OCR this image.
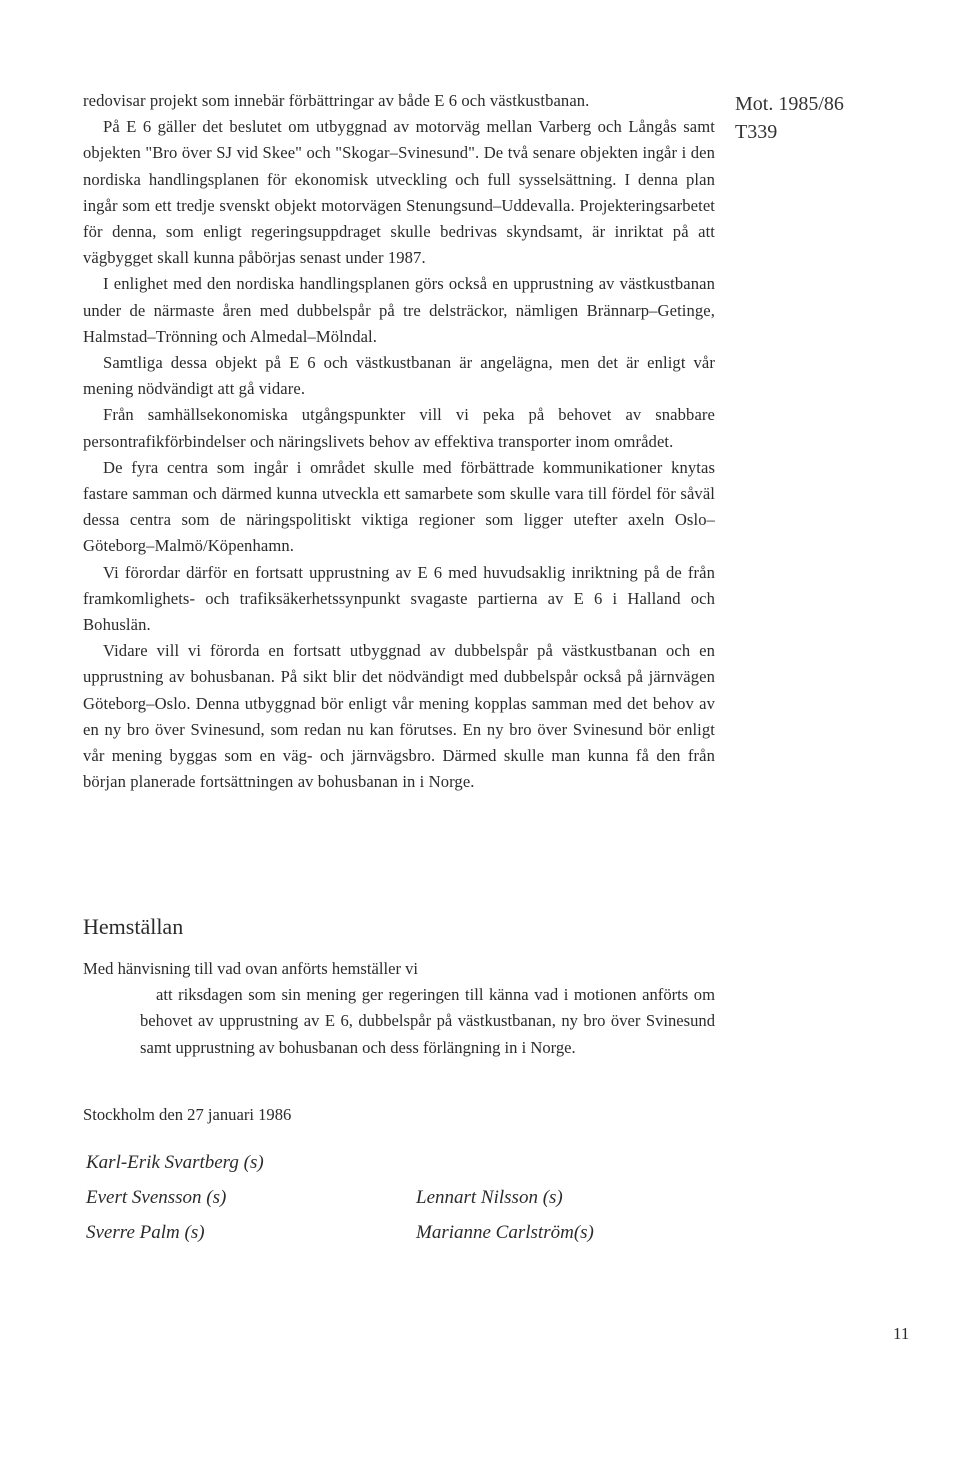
Mot. 1985/86
T339

redovisar projekt som innebär förbättringar av både E 6 och västkustbanan.

På E 6 gäller det beslutet om utbyggnad av motorväg mellan Varberg och Långås samt objekten "Bro över SJ vid Skee" och "Skogar–Svinesund". De två senare objekten ingår i den nordiska handlingsplanen för ekonomisk utveckling och full sysselsättning. I denna plan ingår som ett tredje svenskt objekt motorvägen Stenungsund–Uddevalla. Projekteringsarbetet för denna, som enligt regeringsuppdraget skulle bedrivas skyndsamt, är inriktat på att vägbygget skall kunna påbörjas senast under 1987.

I enlighet med den nordiska handlingsplanen görs också en upprustning av västkustbanan under de närmaste åren med dubbelspår på tre delsträckor, nämligen Brännarp–Getinge, Halmstad–Trönning och Almedal–Mölndal.

Samtliga dessa objekt på E 6 och västkustbanan är angelägna, men det är enligt vår mening nödvändigt att gå vidare.

Från samhällsekonomiska utgångspunkter vill vi peka på behovet av snabbare persontrafikförbindelser och näringslivets behov av effektiva transporter inom området.

De fyra centra som ingår i området skulle med förbättrade kommunikationer knytas fastare samman och därmed kunna utveckla ett samarbete som skulle vara till fördel för såväl dessa centra som de näringspolitiskt viktiga regioner som ligger utefter axeln Oslo–Göteborg–Malmö/Köpenhamn.

Vi förordar därför en fortsatt upprustning av E 6 med huvudsaklig inriktning på de från framkomlighets- och trafiksäkerhetssynpunkt svagaste partierna av E 6 i Halland och Bohuslän.

Vidare vill vi förorda en fortsatt utbyggnad av dubbelspår på västkustbanan och en upprustning av bohusbanan. På sikt blir det nödvändigt med dubbelspår också på järnvägen Göteborg–Oslo. Denna utbyggnad bör enligt vår mening kopplas samman med det behov av en ny bro över Svinesund, som redan nu kan förutses. En ny bro över Svinesund bör enligt vår mening byggas som en väg- och järnvägsbro. Därmed skulle man kunna få den från början planerade fortsättningen av bohusbanan in i Norge.

Hemställan

Med hänvisning till vad ovan anförts hemställer vi

att riksdagen som sin mening ger regeringen till känna vad i motionen anförts om behovet av upprustning av E 6, dubbelspår på västkustbanan, ny bro över Svinesund samt upprustning av bohusbanan och dess förlängning in i Norge.

Stockholm den 27 januari 1986
Karl-Erik Svartberg (s)
Evert Svensson (s)	Lennart Nilsson (s)
Sverre Palm (s)	Marianne Carlström(s)
11
